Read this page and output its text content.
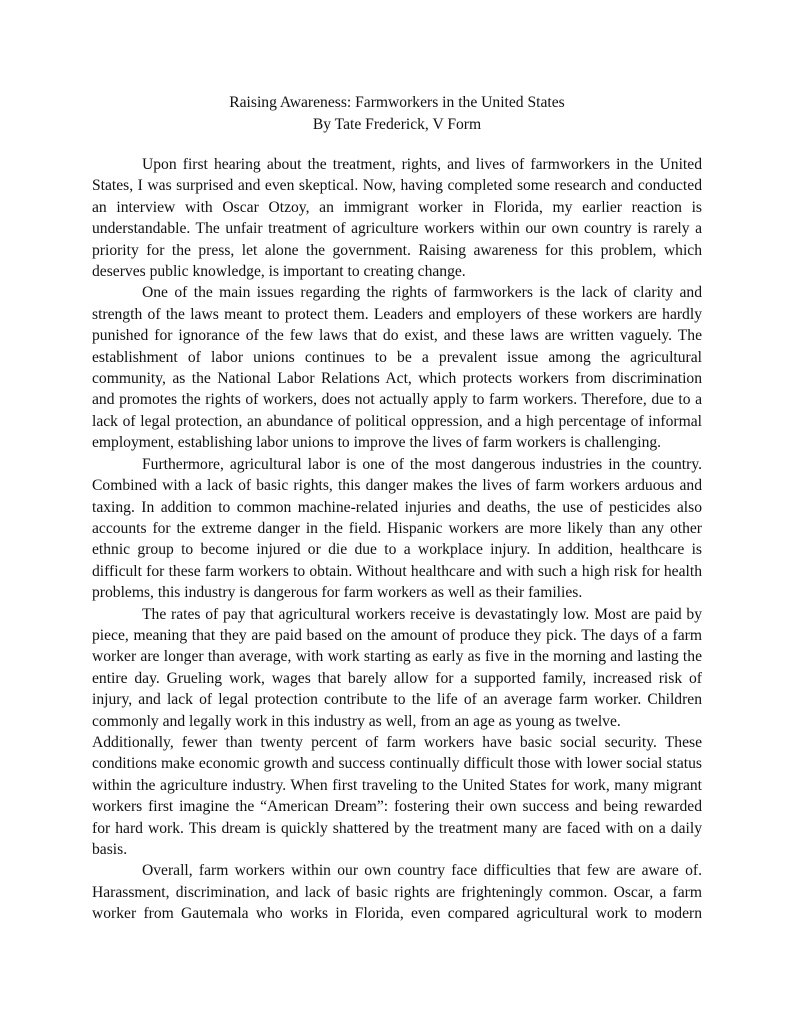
Raising Awareness: Farmworkers in the United States
By Tate Frederick, V Form

Upon first hearing about the treatment, rights, and lives of farmworkers in the United
States, I was surprised and even skeptical. Now, having completed some research and conducted
an interview with Oscar Otzoy, an immigrant worker in Florida, my earlier reaction is
understandable. The unfair treatment of agriculture workers within our own country is rarely a
priority for the press, let alone the government. Raising awareness for this problem, which
deserves public knowledge, is important to creating change.

One of the main issues regarding the rights of farmworkers is the lack of clarity and
strength of the laws meant to protect them. Leaders and employers of these workers are hardly
punished for ignorance of the few laws that do exist, and these laws are written vaguely. The
establishment of labor unions continues to be a prevalent issue among the agricultural
community, as the National Labor Relations Act, which protects workers from discrimination
and promotes the rights of workers, does not actually apply to farm workers. Therefore, due to a
lack of legal protection, an abundance of political oppression, and a high percentage of informal
employment, establishing labor unions to improve the lives of farm workers is challenging.

Furthermore, agricultural labor is one of the most dangerous industries in the country.
Combined with a lack of basic rights, this danger makes the lives of farm workers arduous and
taxing. In addition to common machine-related injuries and deaths, the use of pesticides also
accounts for the extreme danger in the field. Hispanic workers are more likely than any other
ethnic group to become injured or die due to a workplace injury. In addition, healthcare is
difficult for these farm workers to obtain. Without healthcare and with such a high risk for health
problems, this industry is dangerous for farm workers as well as their families.

The rates of pay that agricultural workers receive is devastatingly low. Most are paid by
piece, meaning that they are paid based on the amount of produce they pick. The days of a farm
worker are longer than average, with work starting as early as five in the morning and lasting the
entire day. Grueling work, wages that barely allow for a supported family, increased risk of
injury, and lack of legal protection contribute to the life of an average farm worker. Children
commonly and legally work in this industry as well, from an age as young as twelve.
Additionally, fewer than twenty percent of farm workers have basic social security. These
conditions make economic growth and success continually difficult those with lower social status
within the agriculture industry. When first traveling to the United States for work, many migrant
workers first imagine the “American Dream”: fostering their own success and being rewarded
for hard work. This dream is quickly shattered by the treatment many are faced with on a daily
basis.

Overall, farm workers within our own country face difficulties that few are aware of.
Harassment, discrimination, and lack of basic rights are frighteningly common. Oscar, a farm
worker from Gautemala who works in Florida, even compared agricultural work to modern
